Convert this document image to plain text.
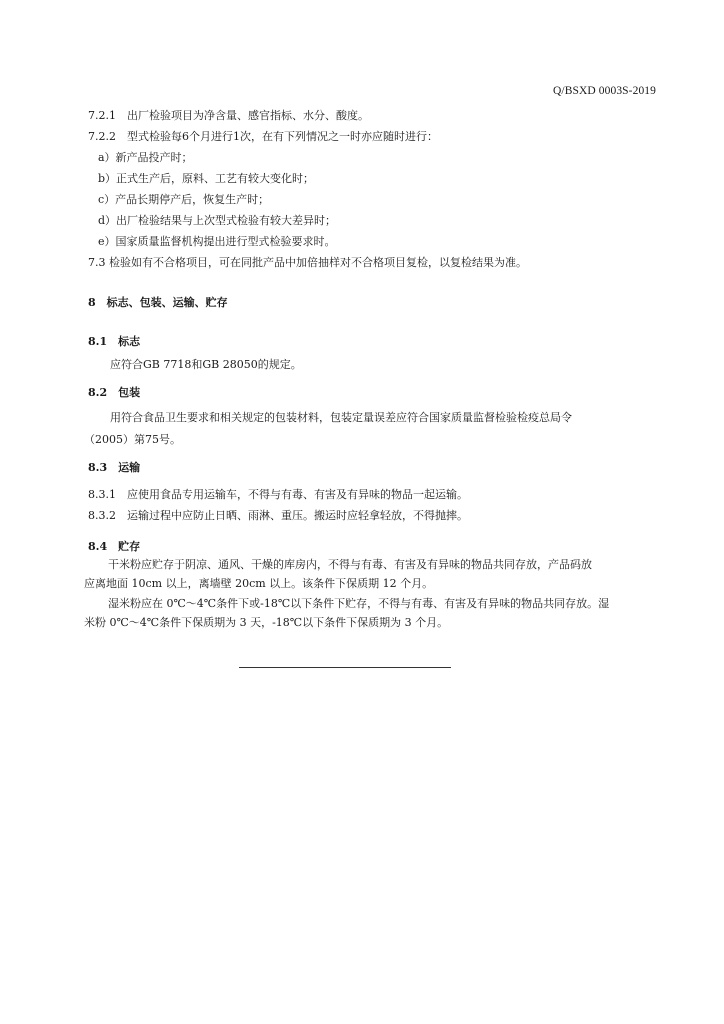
Q/BSXD 0003S-2019
7.2.1　出厂检验项目为净含量、感官指标、水分、酸度。
7.2.2　型式检验每6个月进行1次，在有下列情况之一时亦应随时进行：
a）新产品投产时；
b）正式生产后，原料、工艺有较大变化时；
c）产品长期停产后，恢复生产时；
d）出厂检验结果与上次型式检验有较大差异时；
e）国家质量监督机构提出进行型式检验要求时。
7.3 检验如有不合格项目，可在同批产品中加倍抽样对不合格项目复检，以复检结果为准。
8　标志、包装、运输、贮存
8.1　标志
应符合GB 7718和GB 28050的规定。
8.2　包装
用符合食品卫生要求和相关规定的包装材料，包装定量误差应符合国家质量监督检验检疫总局令
（2005）第75号。
8.3　运输
8.3.1　应使用食品专用运输车，不得与有毒、有害及有异味的物品一起运输。
8.3.2　运输过程中应防止日晒、雨淋、重压。搬运时应轻拿轻放，不得抛摔。
8.4　贮存
干米粉应贮存于阴凉、通风、干燥的库房内，不得与有毒、有害及有异味的物品共同存放，产品码放
应离地面 10cm 以上，离墙壁 20cm 以上。该条件下保质期 12 个月。
湿米粉应在 0℃～4℃条件下或-18℃以下条件下贮存，不得与有毒、有害及有异味的物品共同存放。湿
米粉 0℃～4℃条件下保质期为 3 天，-18℃以下条件下保质期为 3 个月。
